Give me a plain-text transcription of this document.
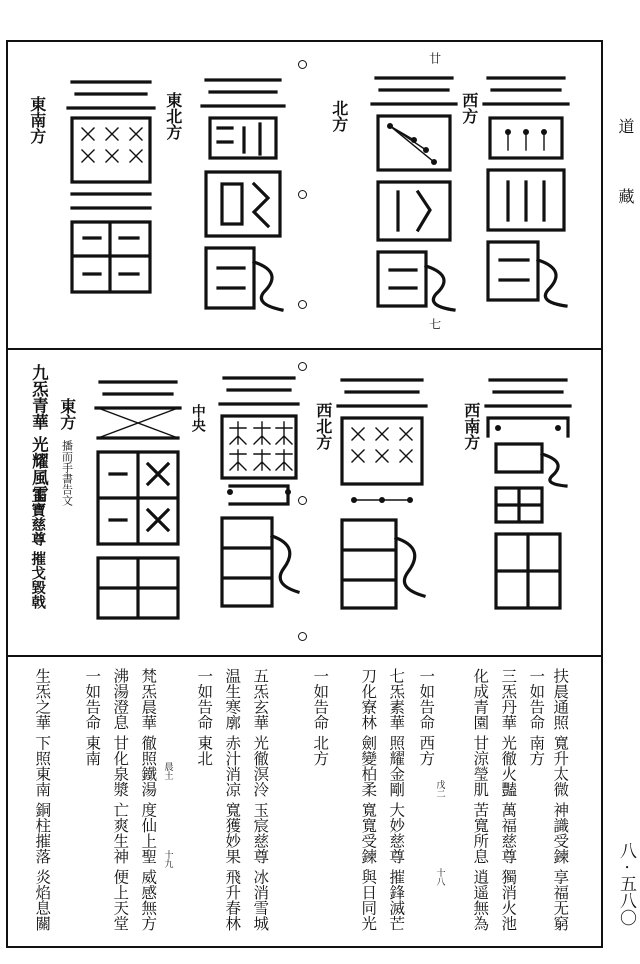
道
藏
八 · 五八〇
廿
七
西方
北方
東北方
東南方
西南方
西北方
中央
東方
播而手書告文
九炁青華 光耀風雷
玉寶慈尊 摧戈毀戟
戊二
十八
晨土
十九	扶晨通照 寬升太微 神識受鍊 享福无窮
一如告命 南方
三炁丹華 光徹火豔 萬福慈尊 獨消火池
化成青園 甘涼瑩肌 苦寬所息 逍遥無為
一如告命 西方
七炁素華 照耀金剛 大妙慈尊 摧鋒滅芒
刀化寮林 劍變柏柔 寬寬受鍊 與日同光
一如告命 北方
五炁玄華 光徹溟泠 玉宸慈尊 冰消雪城
温生寒廓 赤汁消凉 寬獲妙果 飛升春林
一如告命 東北
梵炁晨華 徹照鐵湯 度仙上聖 威感無方
沸湯澄息 甘化泉漿 亡爽生神 便上天堂
一如告命 東南
生炁之華 下照東南 銅柱摧落 炎焰息關
